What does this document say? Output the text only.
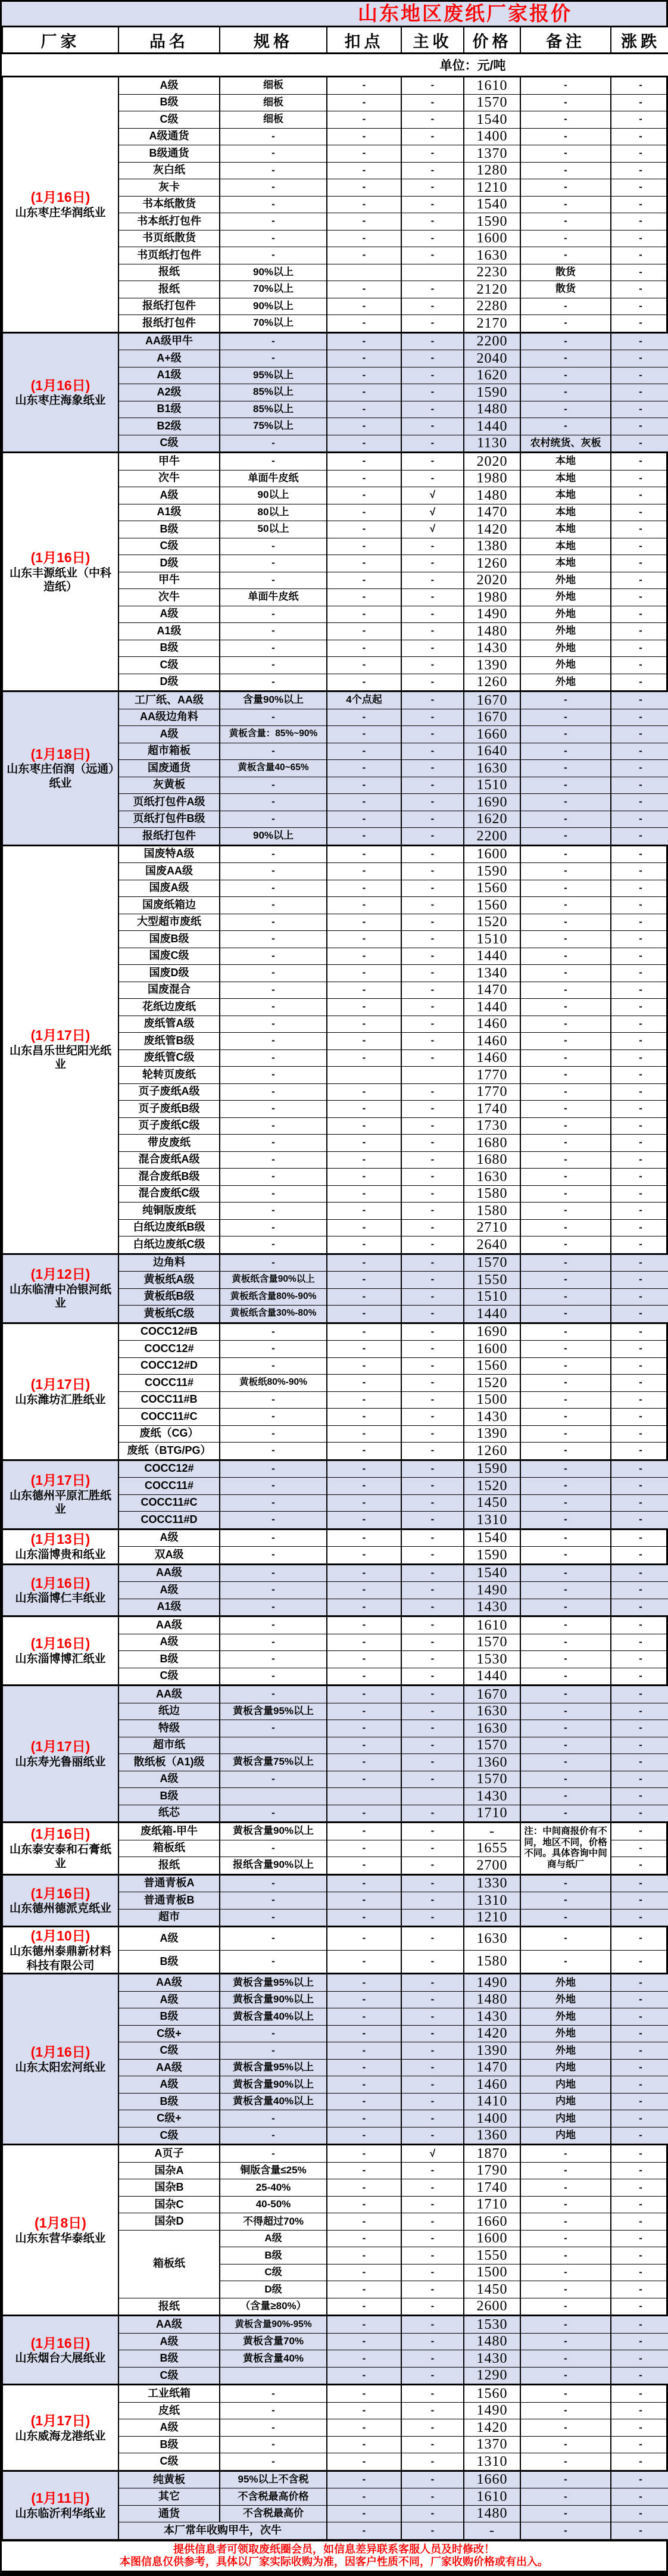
山东地区废纸厂家报价
厂家	品名	规格	扣点	主收	价格	备注	涨跌
单位：元/吨							

(1月16日)
山东枣庄华润纸业	A级	细板	-	-	1610	-	-
	B级	细板	-	-	1570	-	-
	C级	细板	-	-	1540	-	-
	A级通货	-	-	-	1400	-	-
	B级通货	-	-	-	1370	-	-
	灰白纸	-	-	-	1280	-	-
	灰卡	-	-	-	1210	-	-
	书本纸散货	-	-	-	1540	-	-
	书本纸打包件	-	-	-	1590	-	-
	书页纸散货	-	-	-	1600	-	-
	书页纸打包件	-	-	-	1630	-	-
	报纸	90%以上			2230	散货	-
	报纸	70%以上	-	-	2120	散货	-
	报纸打包件	90%以上	-	-	2280	-	-
	报纸打包件	70%以上	-	-	2170	-	-

(1月16日)
山东枣庄海象纸业	AA级甲牛	-	-	-	2200	-	-
	A+级	-	-	-	2040	-	-
	A1级	95%以上	-	-	1620	-	-
	A2级	85%以上	-	-	1590	-	-
	B1级	85%以上	-	-	1480	-	-
	B2级	75%以上	-	-	1440	-	-
	C级	-	-	-	1130	农村统货、灰板	-

(1月16日)
山东丰源纸业（中科造纸）	甲牛	-	-	-	2020	本地	-
	次牛	单面牛皮纸	-	-	1980	本地	-
	A级	90以上	-	√	1480	本地	-
	A1级	80以上	-	√	1470	本地	-
	B级	50以上	-	√	1420	本地	-
	C级	-	-	-	1380	本地	-
	D级	-	-	-	1260	本地	-
	甲牛	-	-	-	2020	外地	-
	次牛	单面牛皮纸	-	-	1980	外地	-
	A级	-	-	-	1490	外地	-
	A1级	-	-	-	1480	外地	-
	B级	-	-	-	1430	外地	-
	C级	-	-	-	1390	外地	-
	D级	-	-	-	1260	外地	-

(1月18日)
山东枣庄佰润（远通）纸业	工厂纸、AA级	含量90%以上	4个点起	-	1670	-	-
	AA级边角料	-	-	-	1670	-	-
	A级	黄板含量：85%~90%	-	-	1660	-	-
	超市箱板	-	-	-	1640	-	-
	国废通货	黄板含量40~65%	-	-	1630	-	-
	灰黄板	-	-	-	1510	-	-
	页纸打包件A级	-	-	-	1690	-	-
	页纸打包件B级	-	-	-	1620	-	-
	报纸打包件	90%以上	-	-	2200	-	-

(1月17日)
山东昌乐世纪阳光纸业	国废特A级	-	-	-	1600	-	-
	国废AA级	-	-	-	1590	-	-
	国废A级	-	-	-	1560	-	-
	国废纸箱边	-	-	-	1560	-	-
	大型超市废纸	-	-	-	1520	-	-
	国废B级	-	-	-	1510	-	-
	国废C级	-	-	-	1440	-	-
	国废D级	-	-	-	1340	-	-
	国废混合	-	-	-	1470	-	-
	花纸边废纸	-	-	-	1440	-	-
	废纸管A级	-	-	-	1460	-	-
	废纸管B级	-	-	-	1460	-	-
	废纸管C级	-	-	-	1460	-	-
	轮转页废纸	-			1770	-	-
	页子废纸A级	-	-	-	1770	-	-
	页子废纸B级	-	-	-	1740	-	-
	页子废纸C级	-	-	-	1730	-	-
	带皮废纸	-	-	-	1680	-	-
	混合废纸A级	-	-	-	1680	-	-
	混合废纸B级	-	-	-	1630	-	-
	混合废纸C级	-	-	-	1580	-	-
	纯铜版废纸	-	-	-	1580	-	-
	白纸边废纸B级	-	-	-	2710	-	-
	白纸边废纸C级	-	-	-	2640	-	-

(1月12日)
山东临清中冶银河纸业	边角料	-	-	-	1570	-	-
	黄板纸A级	黄板纸含量90%以上	-	-	1550	-	-
	黄板纸B级	黄板纸含量80%-90%	-	-	1510	-	-
	黄板纸C级	黄板纸含量30%-80%	-	-	1440	-	-

(1月17日)
山东潍坊汇胜纸业	COCC12#B	-	-	-	1690	-	-
	COCC12#	-	-	-	1600	-	-
	COCC12#D	-	-	-	1560	-	-
	COCC11#	黄板纸80%-90%	-	-	1520	-	-
	COCC11#B	-	-	-	1500	-	-
	COCC11#C	-	-	-	1430	-	-
	废纸（CG）	-	-	-	1390	-	-
	废纸（BTG/PG）	-	-	-	1260	-	-

(1月17日)
山东德州平原汇胜纸业	COCC12#	-	-	-	1590	-	-
	COCC11#	-	-	-	1520	-	-
	COCC11#C	-	-	-	1450	-	-
	COCC11#D	-	-	-	1310	-	-

(1月13日)
山东淄博贵和纸业	A级	-	-	-	1540	-	-
	双A级	-	-	-	1590	-	-

(1月16日)
山东淄博仁丰纸业	AA级	-	-	-	1540	-	-
	A级	-	-	-	1490	-	-
	A1级	-	-	-	1430	-	-

(1月16日)
山东淄博博汇纸业	AA级	-	-	-	1610	-	-
	A级	-	-	-	1570	-	-
	B级	-	-	-	1530	-	-
	C级	-	-	-	1440	-	-

(1月17日)
山东寿光鲁丽纸业	AA级	-	-	-	1670	-	-
	纸边	黄板含量95%以上	-	-	1630	-	-
	特级	-	-	-	1630	-	-
	超市纸		-	-	1570	-	-
	散纸板（A1)级	黄板含量75%以上	-	-	1360	-	-
	A级	-	-	-	1570	-	-
	B级				1430	-	-
	纸芯	-	-	-	1710	-	-

(1月16日)
山东泰安泰和石膏纸业	废纸箱-甲牛	黄板含量90%以上	-	-	-	注：中间商报价有不同，地区不同，价格不同。具体咨询中间商与纸厂	-
	箱板纸	-	-	-	1655		-
	报纸	报纸含量90%以上	-	-	2700		-

(1月16日)
山东德州德派克纸业	普通青板A	-	-	-	1330	-	-
	普通青板B	-	-	-	1310	-	-
	超市	-	-	-	1210	-	-

(1月10日)
山东德州泰鼎新材料科技有限公司	A级	-	-	-	1630	-	-
	B级	-	-	-	1580	-	-

(1月16日)
山东太阳宏河纸业	AA级	黄板含量95%以上	-	-	1490	外地	-
	A级	黄板含量90%以上	-	-	1480	外地	-
	B级	黄板含量40%以上	-	-	1430	外地	-
	C级+	-	-	-	1420	外地	-
	C级	-	-	-	1390	外地	-
	AA级	黄板含量95%以上	-	-	1470	内地	-
	A级	黄板含量90%以上	-	-	1460	内地	-
	B级	黄板含量40%以上	-	-	1410	内地	-
	C级+	-	-	-	1400	内地	-
	C级	-	-	-	1360	内地	-

(1月8日)
山东东营华泰纸业	A页子	-	-	√	1870	-	-
	国杂A	铜版含量≤25%	-	-	1790	-	-
	国杂B	25-40%	-	-	1740	-	-
	国杂C	40-50%	-	-	1710	-	-
	国杂D	不得超过70%	-	-	1660	-	-
	箱板纸	A级	-	-	1600	-	-
		B级	-	-	1550	-	-
		C级	-	-	1500	-	-
		D级	-	-	1450	-	-
	报纸	（含量≥80%）	-	-	2600	-	-

(1月16日)
山东烟台大展纸业	AA级	黄板含量90%-95%	-	-	1530	-	-
	A级	黄板含量70%	-	-	1480	-	-
	B级	黄板含量40%	-	-	1430	-	-
	C级		-	-	1290	-	-

(1月17日)
山东威海龙港纸业	工业纸箱	-	-	-	1560	-	-
	皮纸	-	-	-	1490	-	-
	A级	-	-	-	1420	-	-
	B级	-	-	-	1370	-	-
	C级	-	-	-	1310	-	-

(1月11日)
山东临沂利华纸业	纯黄板	95%以上不含税	-	-	1660	-	-
	其它	不含税最高价格	-	-	1610	-	-
	通货	不含税最高价	-	-	1480	-	-
	本厂常年收购甲牛，次牛		-	-	-	-	-
提供信息者可领取废纸圈会员，如信息差异联系客服人员及时修改！
本图信息仅供参考，具体以厂家实际收购为准，因客户性质不同，厂家收购价格或有出入。
